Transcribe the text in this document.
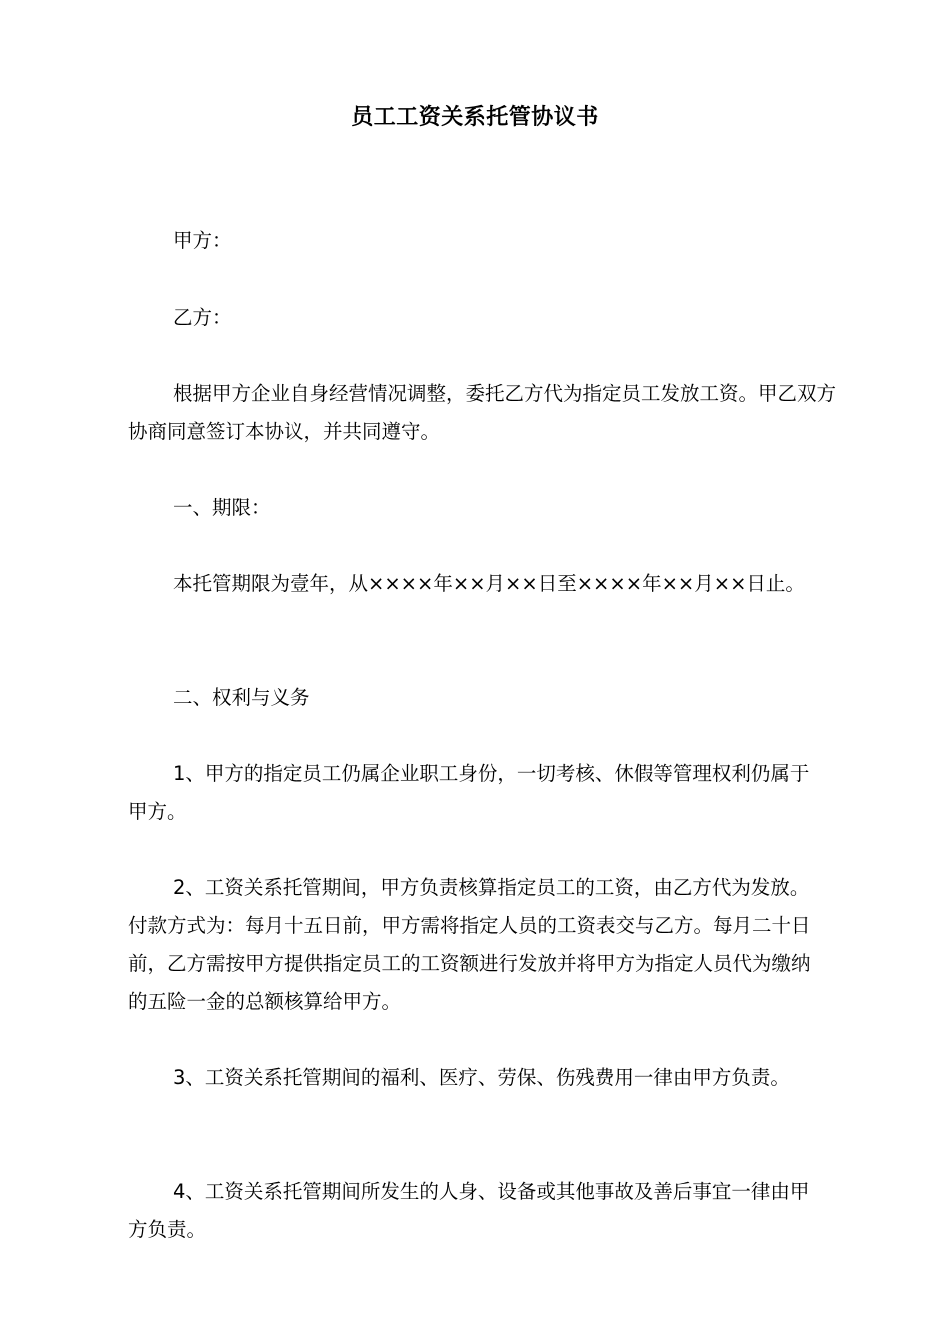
员工工资关系托管协议书
甲方：
乙方：
根据甲方企业自身经营情况调整，委托乙方代为指定员工发放工资。甲乙双方协商同意签订本协议，并共同遵守。
一、期限：
本托管期限为壹年，从××××年××月××日至××××年××月××日止。
二、权利与义务
1、甲方的指定员工仍属企业职工身份，一切考核、休假等管理权利仍属于甲方。
2、工资关系托管期间，甲方负责核算指定员工的工资，由乙方代为发放。付款方式为：每月十五日前，甲方需将指定人员的工资表交与乙方。每月二十日前，乙方需按甲方提供指定员工的工资额进行发放并将甲方为指定人员代为缴纳的五险一金的总额核算给甲方。
3、工资关系托管期间的福利、医疗、劳保、伤残费用一律由甲方负责。
4、工资关系托管期间所发生的人身、设备或其他事故及善后事宜一律由甲方负责。
